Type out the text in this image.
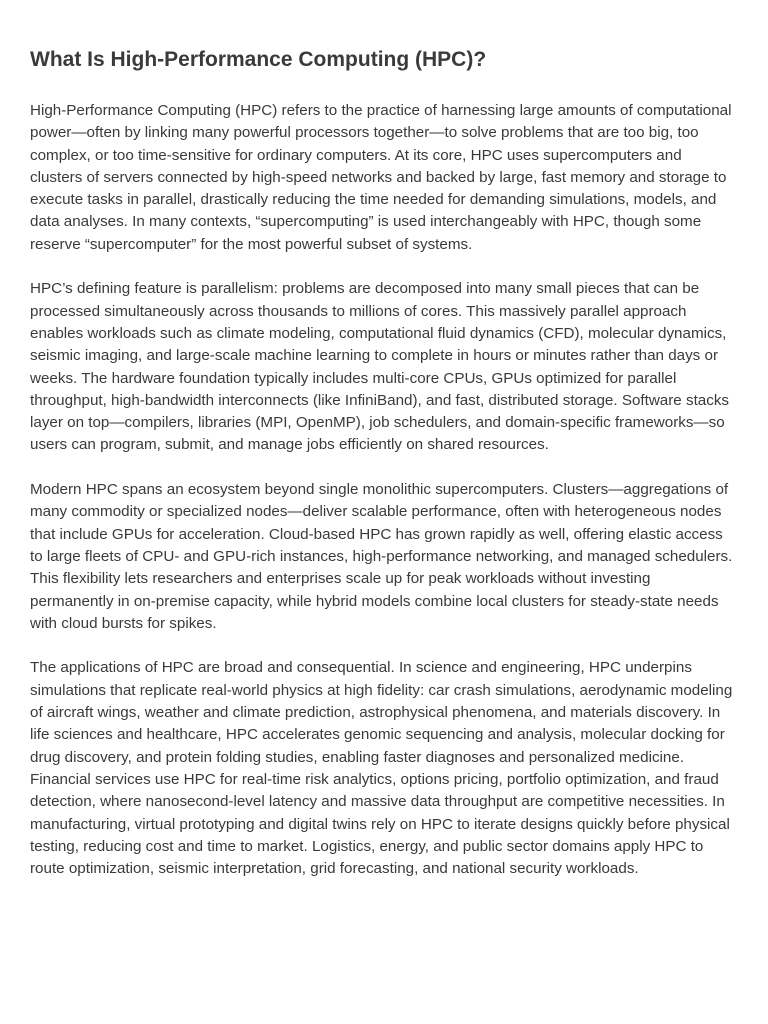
What Is High-Performance Computing (HPC)?

High-Performance Computing (HPC) refers to the practice of harnessing large amounts of computational power—often by linking many powerful processors together—to solve problems that are too big, too complex, or too time-sensitive for ordinary computers. At its core, HPC uses supercomputers and clusters of servers connected by high-speed networks and backed by large, fast memory and storage to execute tasks in parallel, drastically reducing the time needed for demanding simulations, models, and data analyses. In many contexts, “supercomputing” is used interchangeably with HPC, though some reserve “supercomputer” for the most powerful subset of systems.

HPC’s defining feature is parallelism: problems are decomposed into many small pieces that can be processed simultaneously across thousands to millions of cores. This massively parallel approach enables workloads such as climate modeling, computational fluid dynamics (CFD), molecular dynamics, seismic imaging, and large-scale machine learning to complete in hours or minutes rather than days or weeks. The hardware foundation typically includes multi-core CPUs, GPUs optimized for parallel throughput, high-bandwidth interconnects (like InfiniBand), and fast, distributed storage. Software stacks layer on top—compilers, libraries (MPI, OpenMP), job schedulers, and domain-specific frameworks—so users can program, submit, and manage jobs efficiently on shared resources.

Modern HPC spans an ecosystem beyond single monolithic supercomputers. Clusters—aggregations of many commodity or specialized nodes—deliver scalable performance, often with heterogeneous nodes that include GPUs for acceleration. Cloud-based HPC has grown rapidly as well, offering elastic access to large fleets of CPU- and GPU-rich instances, high-performance networking, and managed schedulers. This flexibility lets researchers and enterprises scale up for peak workloads without investing permanently in on-premise capacity, while hybrid models combine local clusters for steady-state needs with cloud bursts for spikes.

The applications of HPC are broad and consequential. In science and engineering, HPC underpins simulations that replicate real-world physics at high fidelity: car crash simulations, aerodynamic modeling of aircraft wings, weather and climate prediction, astrophysical phenomena, and materials discovery. In life sciences and healthcare, HPC accelerates genomic sequencing and analysis, molecular docking for drug discovery, and protein folding studies, enabling faster diagnoses and personalized medicine. Financial services use HPC for real-time risk analytics, options pricing, portfolio optimization, and fraud detection, where nanosecond-level latency and massive data throughput are competitive necessities. In manufacturing, virtual prototyping and digital twins rely on HPC to iterate designs quickly before physical testing, reducing cost and time to market. Logistics, energy, and public sector domains apply HPC to route optimization, seismic interpretation, grid forecasting, and national security workloads.
